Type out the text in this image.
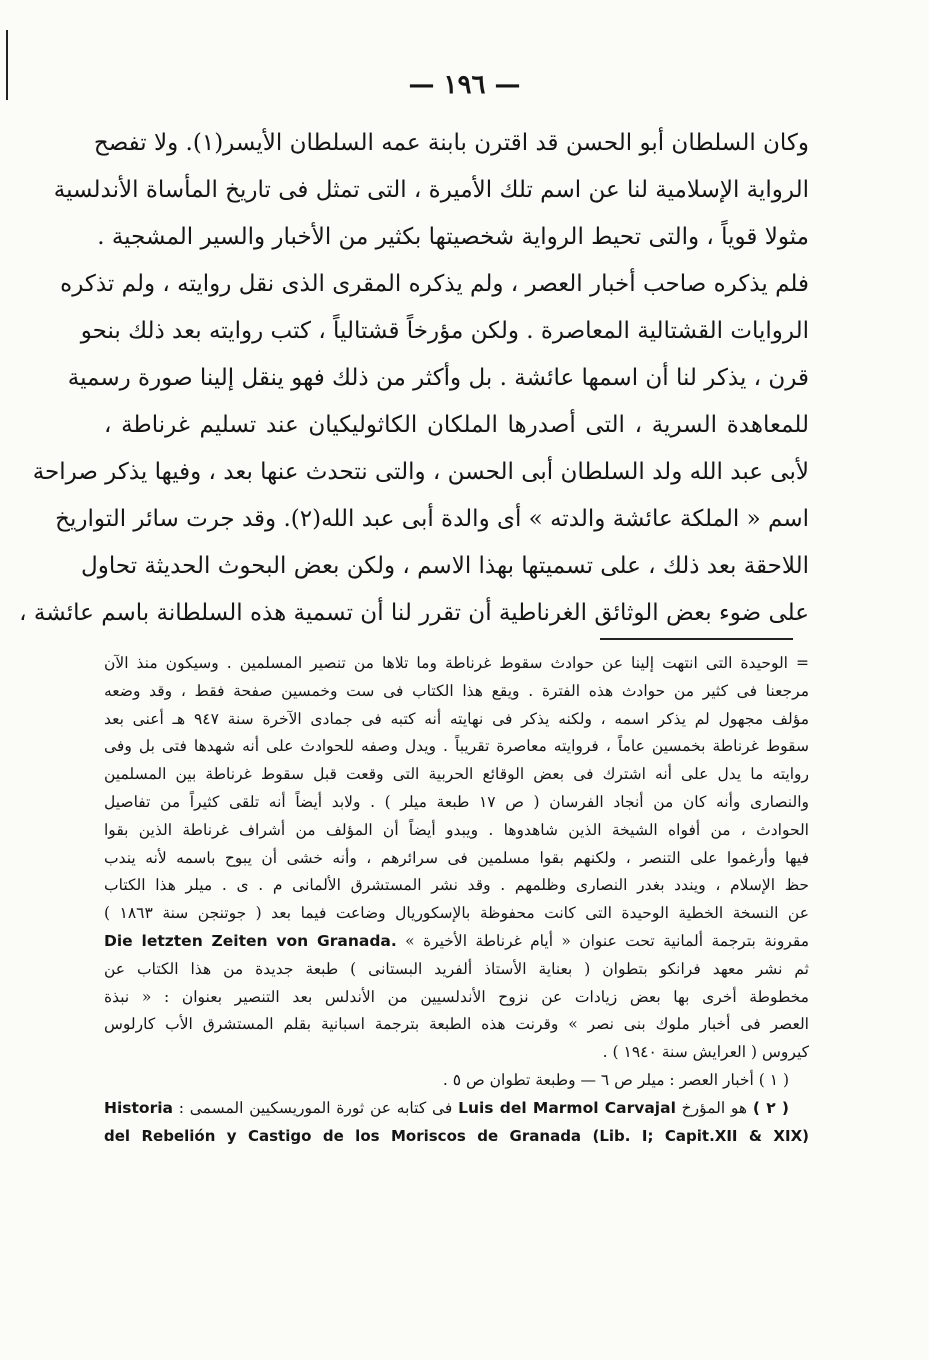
— ١٩٦ —
وكان السلطان أبو الحسن قد اقترن بابنة عمه السلطان الأيسر(١). ولا تفصح
الرواية الإسلامية لنا عن اسم تلك الأميرة ، التى تمثل فى تاريخ المأساة الأندلسية
مثولا قوياً ، والتى تحيط الرواية شخصيتها بكثير من الأخبار والسير المشجية .
فلم يذكره صاحب أخبار العصر ، ولم يذكره المقرى الذى نقل روايته ، ولم تذكره
الروايات القشتالية المعاصرة . ولكن مؤرخاً قشتالياً ، كتب روايته بعد ذلك بنحو
قرن ، يذكر لنا أن اسمها عائشة . بل وأكثر من ذلك فهو ينقل إلينا صورة رسمية
للمعاهدة السرية ، التى أصدرها الملكان الكاثوليكيان عند تسليم غرناطة ،
لأبى عبد الله ولد السلطان أبى الحسن ، والتى نتحدث عنها بعد ، وفيها يذكر صراحة
اسم « الملكة عائشة والدته » أى والدة أبى عبد الله(٢). وقد جرت سائر التواريخ
اللاحقة بعد ذلك ، على تسميتها بهذا الاسم ، ولكن بعض البحوث الحديثة تحاول
على ضوء بعض الوثائق الغرناطية أن تقرر لنا أن تسمية هذه السلطانة باسم عائشة ،
= الوحيدة التى انتهت إلينا عن حوادث سقوط غرناطة وما تلاها من تنصير المسلمين . وسيكون منذ الآن
مرجعنا فى كثير من حوادث هذه الفترة . ويقع هذا الكتاب فى ست وخمسين صفحة فقط ، وقد وضعه
مؤلف مجهول لم يذكر اسمه ، ولكنه يذكر فى نهايته أنه كتبه فى جمادى الآخرة سنة ٩٤٧ هـ أعنى بعد
سقوط غرناطة بخمسين عاماً ، فروايته معاصرة تقريباً . ويدل وصفه للحوادث على أنه شهدها فتى بل وفى
روايته ما يدل على أنه اشترك فى بعض الوقائع الحربية التى وقعت قبل سقوط غرناطة بين المسلمين
والنصارى وأنه كان من أنجاد الفرسان ( ص ١٧ طبعة ميلر ) . ولابد أيضاً أنه تلقى كثيراً من تفاصيل
الحوادث ، من أفواه الشيخة الذين شاهدوها . ويبدو أيضاً أن المؤلف من أشراف غرناطة الذين بقوا
فيها وأرغموا على التنصر ، ولكنهم بقوا مسلمين فى سرائرهم ، وأنه خشى أن يبوح باسمه لأنه يندب
حظ الإسلام ، ويندد بغدر النصارى وظلمهم . وقد نشر المستشرق الألمانى م . ى . ميلر هذا الكتاب
عن النسخة الخطية الوحيدة التى كانت محفوظة بالإسكوريال وضاعت فيما بعد ( جوتنجن سنة ١٨٦٣ )
مقرونة بترجمة ألمانية تحت عنوان « أيام غرناطة الأخيرة » Die letzten Zeiten von Granada.
ثم نشر معهد فرانكو بتطوان ( بعناية الأستاذ ألفريد البستانى ) طبعة جديدة من هذا الكتاب عن
مخطوطة أخرى بها بعض زيادات عن نزوح الأندلسيين من الأندلس بعد التنصير بعنوان : « نبذة
العصر فى أخبار ملوك بنى نصر » وقرنت هذه الطبعة بترجمة اسبانية بقلم المستشرق الأب كارلوس
كيروس ( العرايش سنة ١٩٤٠ ) .
( ١ ) أخبار العصر : ميلر ص ٦ — وطبعة تطوان ص ٥ .
( ٢ ) هو المؤرخ Luis del Marmol Carvajal فى كتابه عن ثورة الموريسكيين المسمى : Historia
del Rebelión y Castigo de los Moriscos de Granada (Lib. I; Capit.XII & XIX)
